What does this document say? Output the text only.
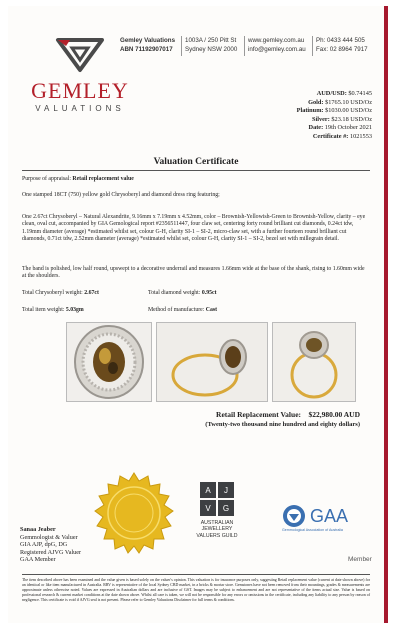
GEMLEY
VALUATIONS
Gemley Valuations
ABN 71192907017
1003A / 250 Pitt St
Sydney NSW 2000
www.gemley.com.au
info@gemley.com.au
Ph: 0433 444 505
Fax: 02 8964 7917
AUD/USD: $0.74145
Gold: $1765.10 USD/Oz
Platinum: $1030.00 USD/Oz
Silver: $23.18 USD/Oz
Date: 19th October 2021
Certificate #: 1021553
Valuation Certificate
Purpose of appraisal: Retail replacement value
One stamped 18CT (750) yellow gold Chrysoberyl and diamond dress ring featuring;
One 2.67ct Chrysoberyl – Natural Alexandrite, 9.16mm x 7.19mm x 4.52mm, color – Brownish-Yellowish-Green to Brownish-Yellow, clarity – eye clean, oval cut, accompanied by GIA Gemological report #2356511447, four claw set, centering forty round brilliant cut diamonds, 0.24ct tdw, 1.19mm diameter (average) *estimated whilst set, colour G-H, clarity SI-1 – SI-2, micro-claw set, with a further fourteen round brilliant cut diamonds, 0.71ct tdw, 2.52mm diameter (average) *estimated whilst set, colour G-H, clarity SI-1 – SI-2, bezel set with millegrain detail.
The band is polished, low half round, upswept to a decorative underrail and measures 1.66mm wide at the base of the shank, rising to 1.60mm wide at the shoulders.
Total Chrysoberyl weight: 2.67ct	Total diamond weight: 0.95ct
Total item weight: 5.03gm	Method of manufacture: Cast
Retail Replacement Value: $22,980.00 AUD
(Twenty-two thousand nine hundred and eighty dollars)
Sanaa Jeaber
Gemmologist & Valuer
GIA AJP, dpG, DG
Registered AJVG Valuer
GAA Member
A	J
V	G
AUSTRALIAN JEWELLERY
VALUERS GUILD
GAA
Gemmological Association of Australia
Member
The item described above has been examined and the value given is based solely on the valuer's opinion. This valuation is for insurance purposes only, suggesting Retail replacement value (current at date shown above) for an identical or like item manufactured in Australia. RRV is representative of the local Sydney CBD market, in a bricks & mortar store. Gemstones have not been removed from their mountings, grades & measurements are approximate unless otherwise noted. Values are expressed in Australian dollars and are inclusive of GST. Images may be subject to enhancement and are not representative of the items actual size. Value is based on professional research & current market conditions at the date shown above. Whilst all care is taken, we will not be responsible for any errors or omissions in the certificate, including any liability to any person by reason of negligence. This certificate is void if AJVG seal is not present. Please refer to Gemley Valuations Disclaimer for full terms & conditions.
